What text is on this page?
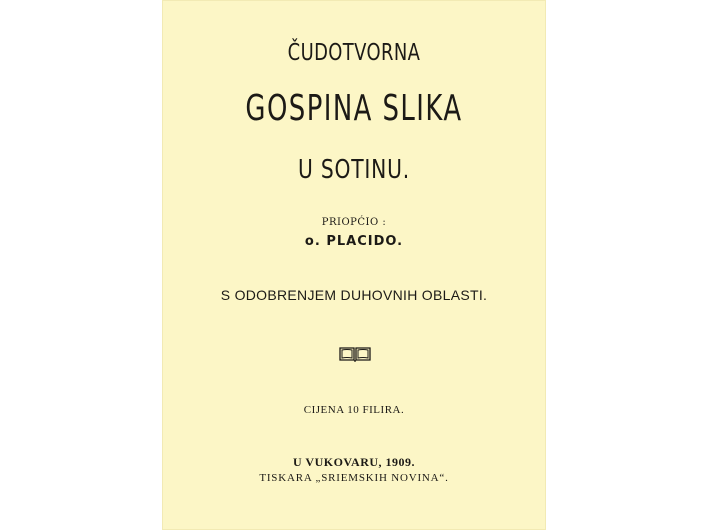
ČUDOTVORNA
GOSPINA SLIKA
U SOTINU.
PRIOPĆIO :
o. PLACIDO.
S ODOBRENJEM DUHOVNIH OBLASTI.
CIJENA 10 FILIRA.
U VUKOVARU, 1909.
TISKARA „SRIEMSKIH NOVINA“.
